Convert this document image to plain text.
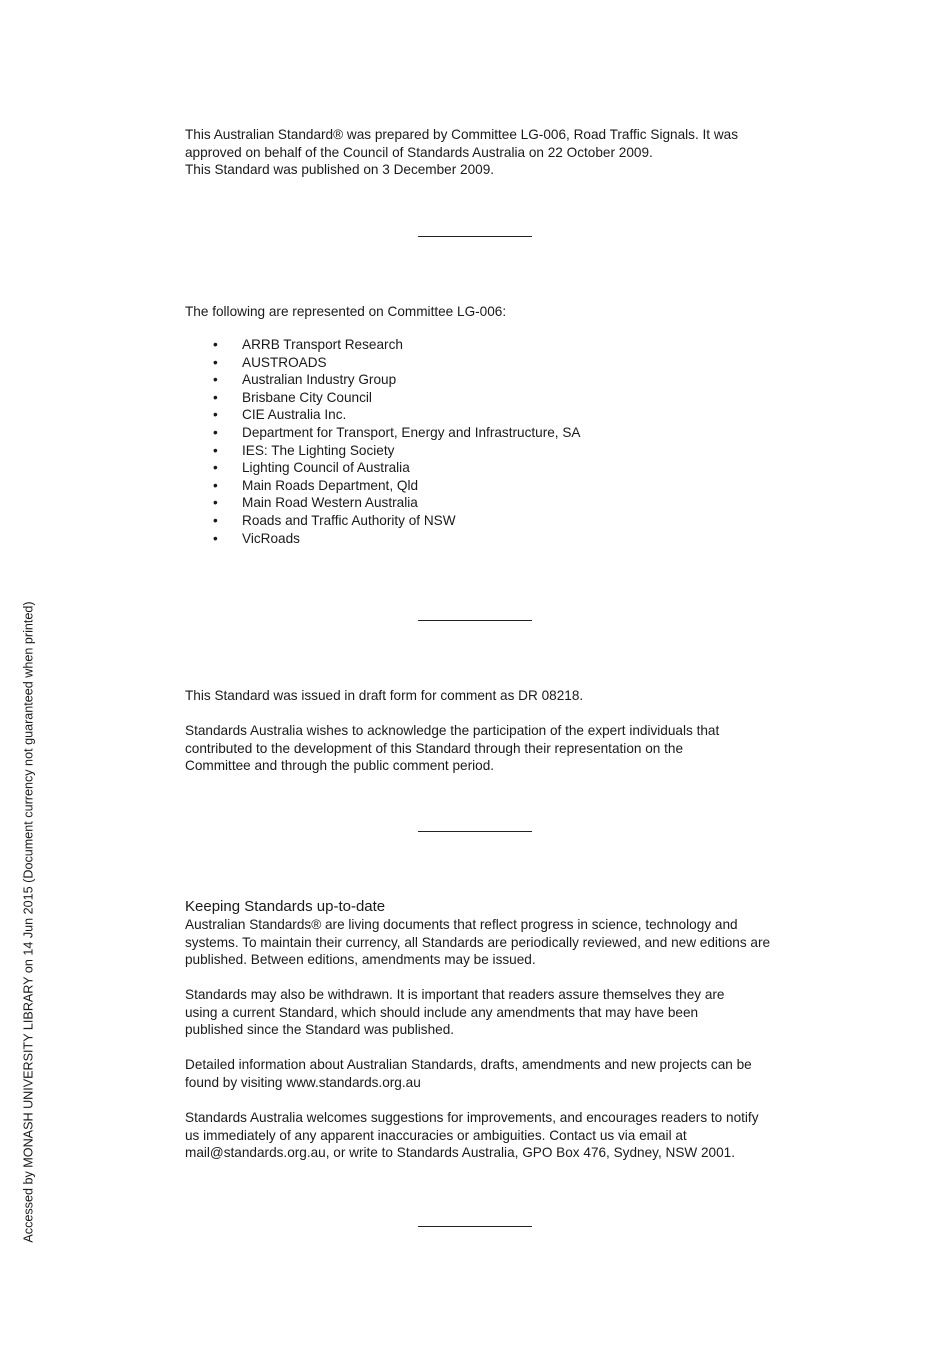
This Australian Standard® was prepared by Committee LG-006, Road Traffic Signals. It was approved on behalf of the Council of Standards Australia on 22 October 2009.

This Standard was published on 3 December 2009.

The following are represented on Committee LG-006:

• ARRB Transport Research
• AUSTROADS
• Australian Industry Group
• Brisbane City Council
• CIE Australia Inc.
• Department for Transport, Energy and Infrastructure, SA
• IES: The Lighting Society
• Lighting Council of Australia
• Main Roads Department, Qld
• Main Road Western Australia
• Roads and Traffic Authority of NSW
• VicRoads

This Standard was issued in draft form for comment as DR 08218.

Standards Australia wishes to acknowledge the participation of the expert individuals that contributed to the development of this Standard through their representation on the Committee and through the public comment period.

Keeping Standards up-to-date

Australian Standards® are living documents that reflect progress in science, technology and systems. To maintain their currency, all Standards are periodically reviewed, and new editions are published. Between editions, amendments may be issued.

Standards may also be withdrawn. It is important that readers assure themselves they are using a current Standard, which should include any amendments that may have been published since the Standard was published.

Detailed information about Australian Standards, drafts, amendments and new projects can be found by visiting www.standards.org.au

Standards Australia welcomes suggestions for improvements, and encourages readers to notify us immediately of any apparent inaccuracies or ambiguities. Contact us via email at mail@standards.org.au, or write to Standards Australia, GPO Box 476, Sydney, NSW 2001.

Accessed by MONASH UNIVERSITY LIBRARY on 14 Jun 2015 (Document currency not guaranteed when printed)
